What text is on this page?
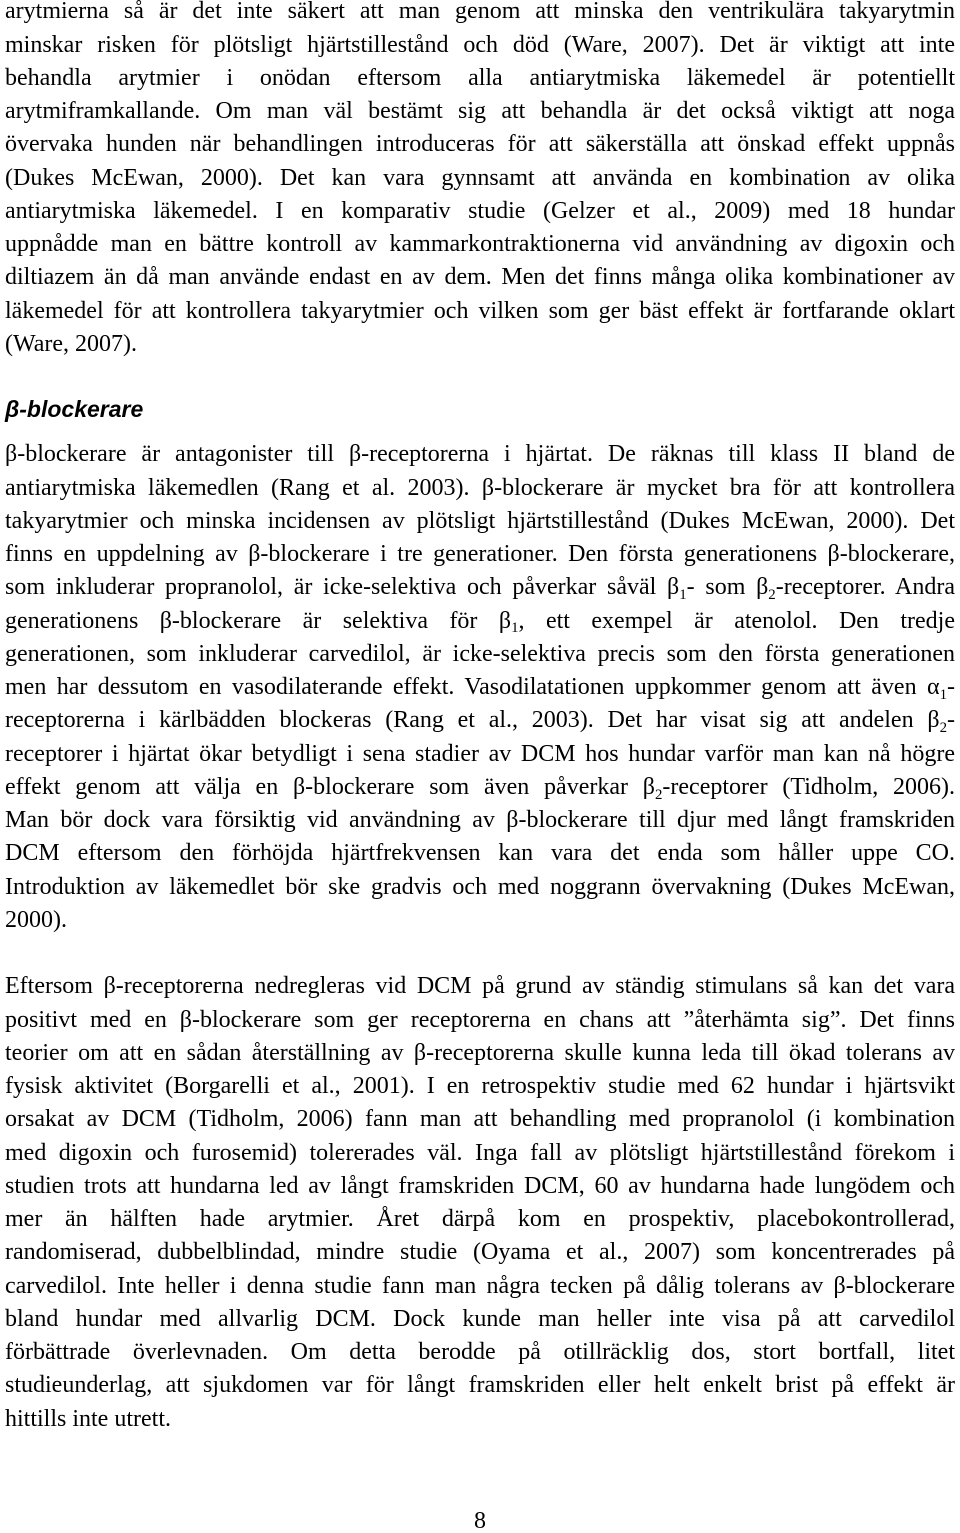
arytmierna så är det inte säkert att man genom att minska den ventrikulära takyarytmin
minskar risken för plötsligt hjärtstillestånd och död (Ware, 2007). Det är viktigt att inte
behandla arytmier i onödan eftersom alla antiarytmiska läkemedel är potentiellt
arytmiframkallande. Om man väl bestämt sig att behandla är det också viktigt att noga
övervaka hunden när behandlingen introduceras för att säkerställa att önskad effekt uppnås
(Dukes McEwan, 2000). Det kan vara gynnsamt att använda en kombination av olika
antiarytmiska läkemedel. I en komparativ studie (Gelzer et al., 2009) med 18 hundar
uppnådde man en bättre kontroll av kammarkontraktionerna vid användning av digoxin och
diltiazem än då man använde endast en av dem. Men det finns många olika kombinationer av
läkemedel för att kontrollera takyarytmier och vilken som ger bäst effekt är fortfarande oklart
(Ware, 2007).
β-blockerare
β-blockerare är antagonister till β-receptorerna i hjärtat. De räknas till klass II bland de
antiarytmiska läkemedlen (Rang et al. 2003). β-blockerare är mycket bra för att kontrollera
takyarytmier och minska incidensen av plötsligt hjärtstillestånd (Dukes McEwan, 2000). Det
finns en uppdelning av β-blockerare i tre generationer. Den första generationens β-blockerare,
som inkluderar propranolol, är icke-selektiva och påverkar såväl $\beta_1-$ som $\beta_2$-receptorer. Andra
generationens β-blockerare är selektiva för $\beta_1$, ett exempel är atenolol. Den tredje
generationen, som inkluderar carvedilol, är icke-selektiva precis som den första generationen
men har dessutom en vasodilaterande effekt. Vasodilatationen uppkommer genom att även $\alpha_1-$
receptorerna i kärlbädden blockeras (Rang et al., 2003). Det har visat sig att andelen $\beta_2-$
receptorer i hjärtat ökar betydligt i sena stadier av DCM hos hundar varför man kan nå högre
effekt genom att välja en β-blockerare som även påverkar $\beta_2$-receptorer (Tidholm, 2006).
Man bör dock vara försiktig vid användning av β-blockerare till djur med långt framskriden
DCM eftersom den förhöjda hjärtfrekvensen kan vara det enda som håller uppe CO.
Introduktion av läkemedlet bör ske gradvis och med noggrann övervakning (Dukes McEwan,
2000).
Eftersom β-receptorerna nedregleras vid DCM på grund av ständig stimulans så kan det vara
positivt med en β-blockerare som ger receptorerna en chans att ”återhämta sig”. Det finns
teorier om att en sådan återställning av β-receptorerna skulle kunna leda till ökad tolerans av
fysisk aktivitet (Borgarelli et al., 2001). I en retrospektiv studie med 62 hundar i hjärtsvikt
orsakat av DCM (Tidholm, 2006) fann man att behandling med propranolol (i kombination
med digoxin och furosemid) tolererades väl. Inga fall av plötsligt hjärtstillestånd förekom i
studien trots att hundarna led av långt framskriden DCM, 60 av hundarna hade lungödem och
mer än hälften hade arytmier. Året därpå kom en prospektiv, placebokontrollerad,
randomiserad, dubbelblindad, mindre studie (Oyama et al., 2007) som koncentrerades på
carvedilol. Inte heller i denna studie fann man några tecken på dålig tolerans av β-blockerare
bland hundar med allvarlig DCM. Dock kunde man heller inte visa på att carvedilol
förbättrade överlevnaden. Om detta berodde på otillräcklig dos, stort bortfall, litet
studieunderlag, att sjukdomen var för långt framskriden eller helt enkelt brist på effekt är
hittills inte utrett.
8
